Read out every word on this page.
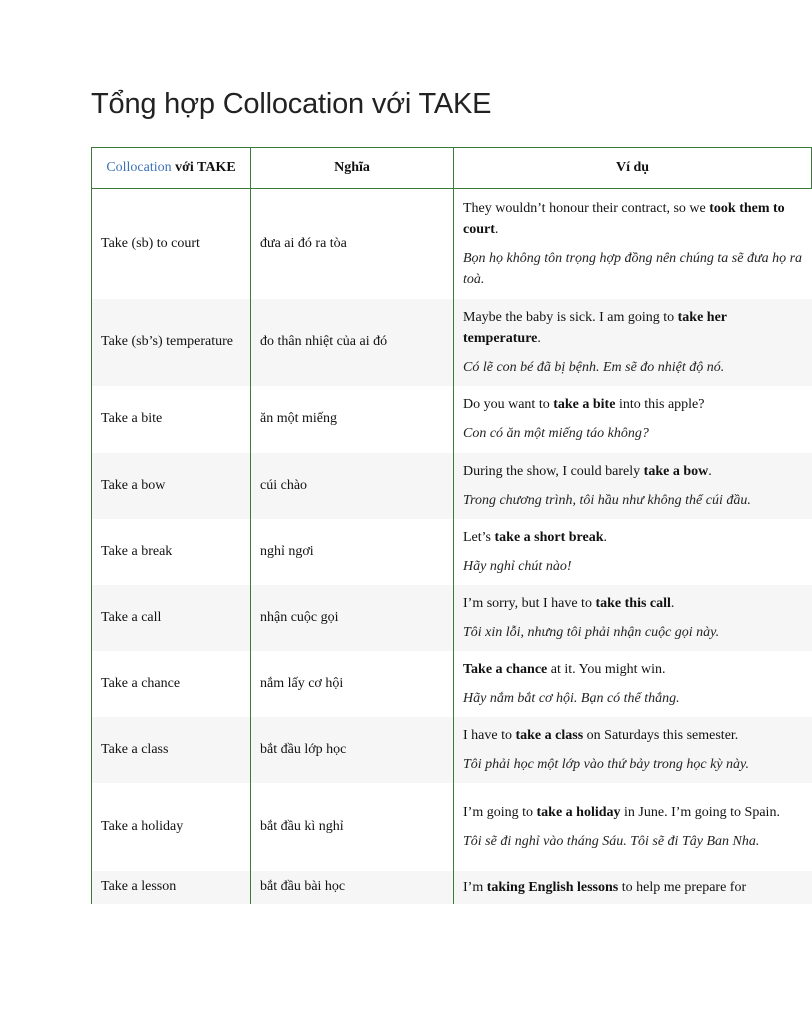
Tổng hợp Collocation với TAKE
Collocation với TAKE	Nghĩa	Ví dụ
Take (sb) to court	đưa ai đó ra tòa	They wouldn’t honour their contract, so we took them to court.

Bọn họ không tôn trọng hợp đồng nên chúng ta sẽ đưa họ ra toà.

Take (sb’s) temperature	đo thân nhiệt của ai đó	Maybe the baby is sick. I am going to take her temperature.

Có lẽ con bé đã bị bệnh. Em sẽ đo nhiệt độ nó.

Take a bite	ăn một miếng	Do you want to take a bite into this apple?

Con có ăn một miếng táo không?

Take a bow	cúi chào	During the show, I could barely take a bow.

Trong chương trình, tôi hầu như không thể cúi đầu.

Take a break	nghỉ ngơi	Let’s take a short break.

Hãy nghỉ chút nào!

Take a call	nhận cuộc gọi	I’m sorry, but I have to take this call.

Tôi xin lỗi, nhưng tôi phải nhận cuộc gọi này.

Take a chance	nắm lấy cơ hội	Take a chance at it. You might win.

Hãy nắm bắt cơ hội. Bạn có thể thắng.

Take a class	bắt đầu lớp học	I have to take a class on Saturdays this semester.

Tôi phải học một lớp vào thứ bảy trong học kỳ này.

Take a holiday	bắt đầu kì nghỉ	I’m going to take a holiday in June. I’m going to Spain.

Tôi sẽ đi nghỉ vào tháng Sáu. Tôi sẽ đi Tây Ban Nha.

Take a lesson	bắt đầu bài học	I’m taking English lessons to help me prepare for
